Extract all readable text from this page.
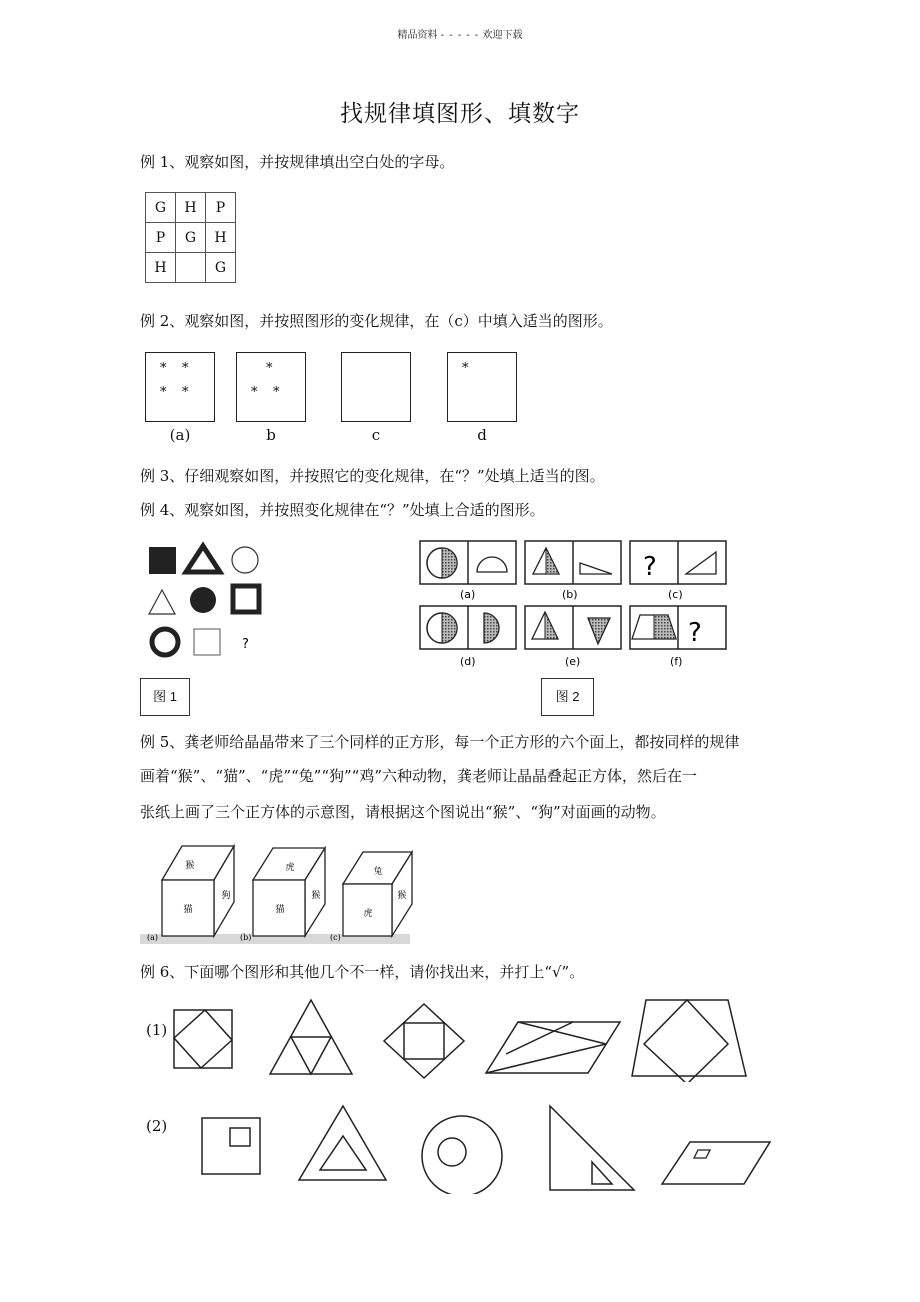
精品资料 - - - - - 欢迎下载
找规律填图形、填数字
例 1、观察如图，并按规律填出空白处的字母。
G	H	P
P	G	H
H		G
例 2、观察如图，并按照图形的变化规律，在（c）中填入适当的图形。
* *
* *
*
* *
*
(a)	b	c	d
例 3、仔细观察如图，并按照它的变化规律，在“？”处填上适当的图。
例 4、观察如图，并按照变化规律在“？”处填上合适的图形。
?
图 1
?
(a)	(b)	(c)
?
(d)	(e)	(f)
图 2
例 5、龚老师给晶晶带来了三个同样的正方形，每一个正方形的六个面上，都按同样的规律
画着“猴”、“猫”、“虎”“兔”“狗”“鸡”六种动物，龚老师让晶晶叠起正方体，然后在一
张纸上画了三个正方体的示意图，请根据这个图说出“猴”、“狗”对面画的动物。
猴
猫
狗
(a)
虎
猫
猴
(b)
兔
虎
猴
(c)
例 6、下面哪个图形和其他几个不一样，请你找出来，并打上“√”。
(1)
(2)
